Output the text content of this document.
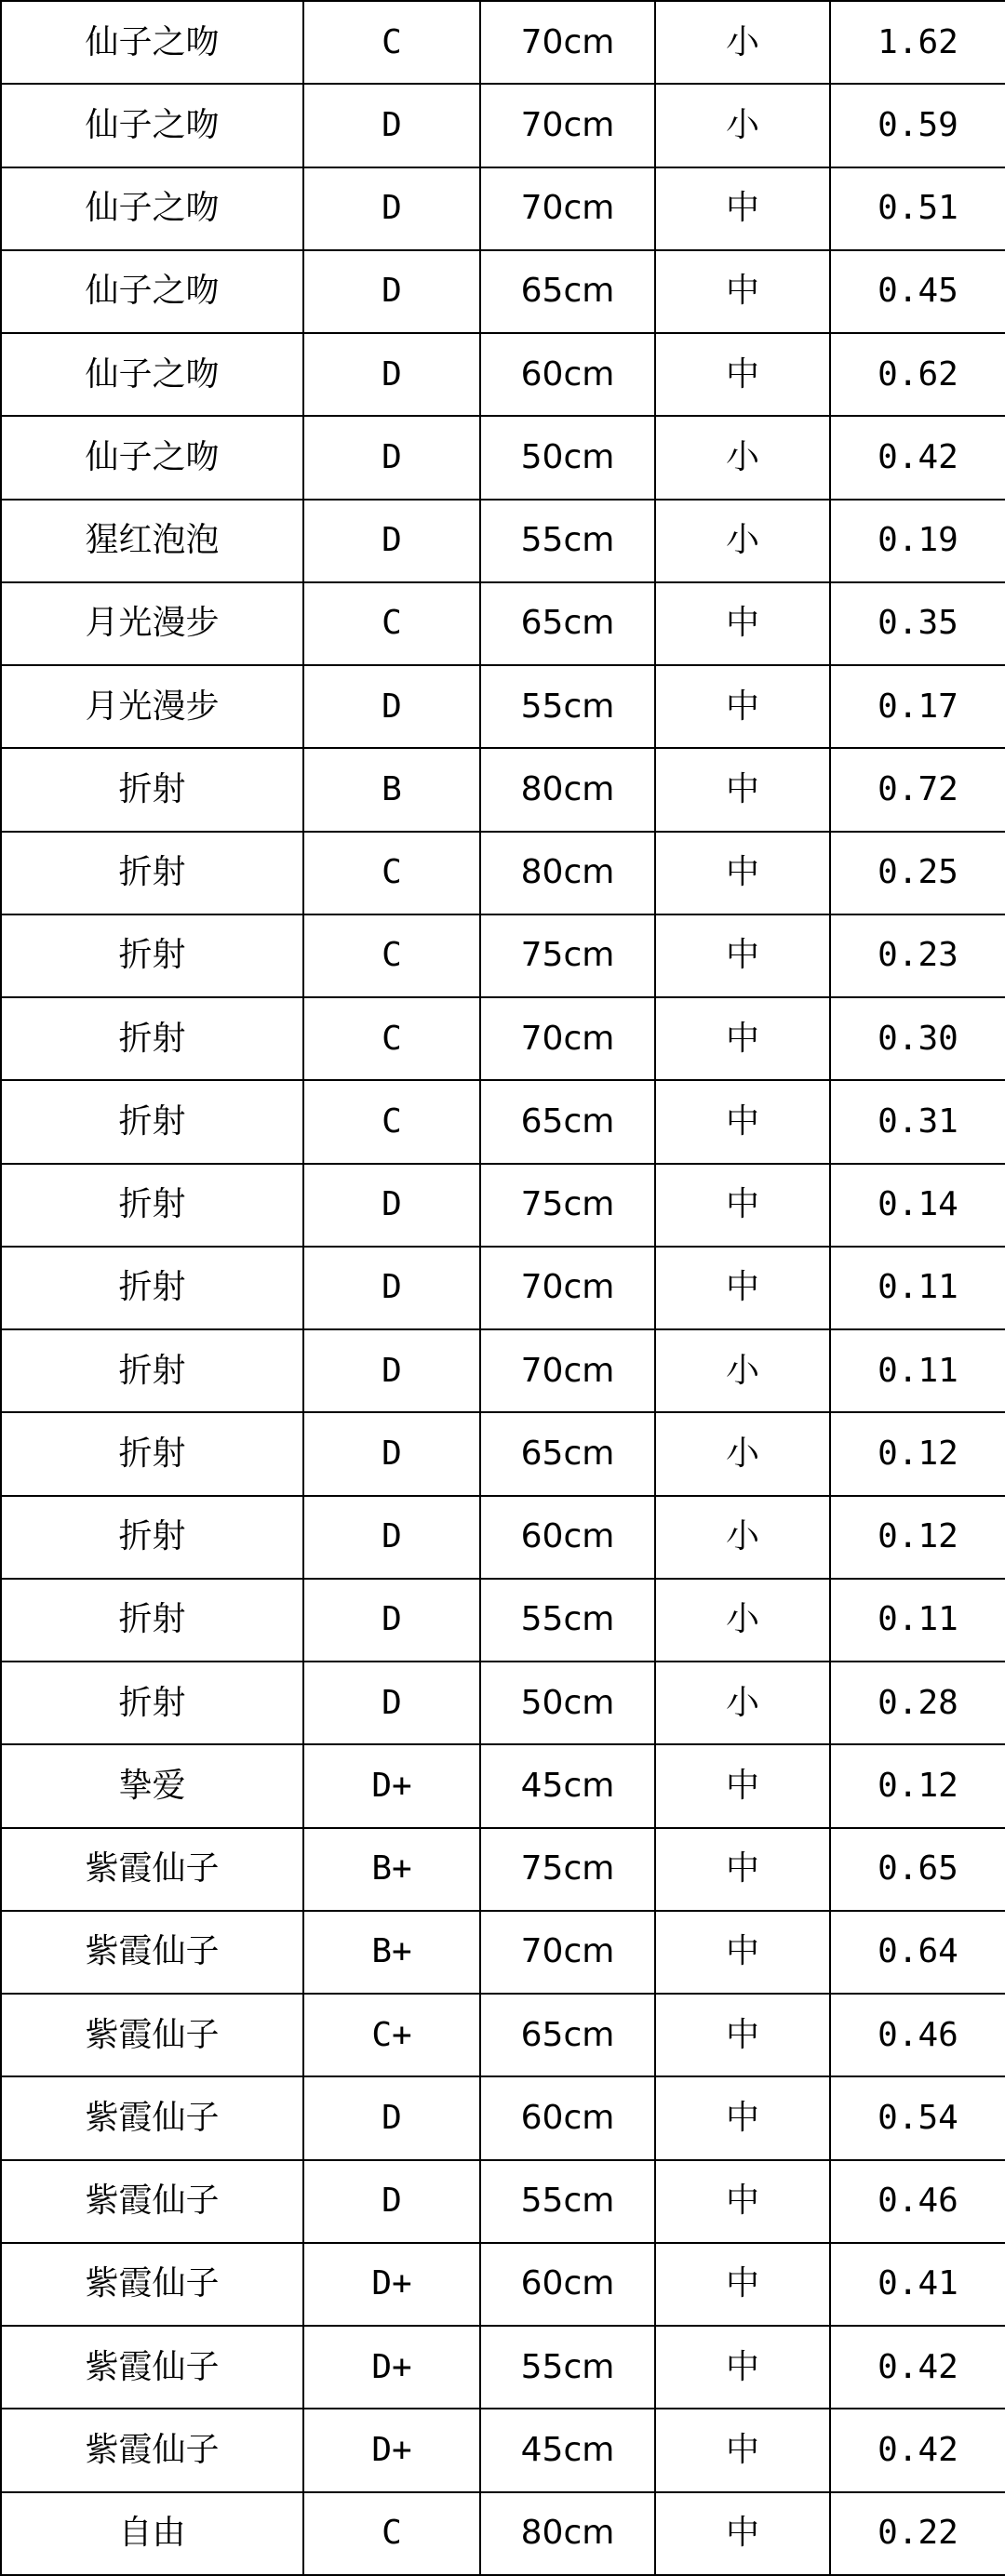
仙子之吻	C	70cm	小	1.62
仙子之吻	D	70cm	小	0.59
仙子之吻	D	70cm	中	0.51
仙子之吻	D	65cm	中	0.45
仙子之吻	D	60cm	中	0.62
仙子之吻	D	50cm	小	0.42
猩红泡泡	D	55cm	小	0.19
月光漫步	C	65cm	中	0.35
月光漫步	D	55cm	中	0.17
折射	B	80cm	中	0.72
折射	C	80cm	中	0.25
折射	C	75cm	中	0.23
折射	C	70cm	中	0.30
折射	C	65cm	中	0.31
折射	D	75cm	中	0.14
折射	D	70cm	中	0.11
折射	D	70cm	小	0.11
折射	D	65cm	小	0.12
折射	D	60cm	小	0.12
折射	D	55cm	小	0.11
折射	D	50cm	小	0.28
挚爱	D+	45cm	中	0.12
紫霞仙子	B+	75cm	中	0.65
紫霞仙子	B+	70cm	中	0.64
紫霞仙子	C+	65cm	中	0.46
紫霞仙子	D	60cm	中	0.54
紫霞仙子	D	55cm	中	0.46
紫霞仙子	D+	60cm	中	0.41
紫霞仙子	D+	55cm	中	0.42
紫霞仙子	D+	45cm	中	0.42
自由	C	80cm	中	0.22
